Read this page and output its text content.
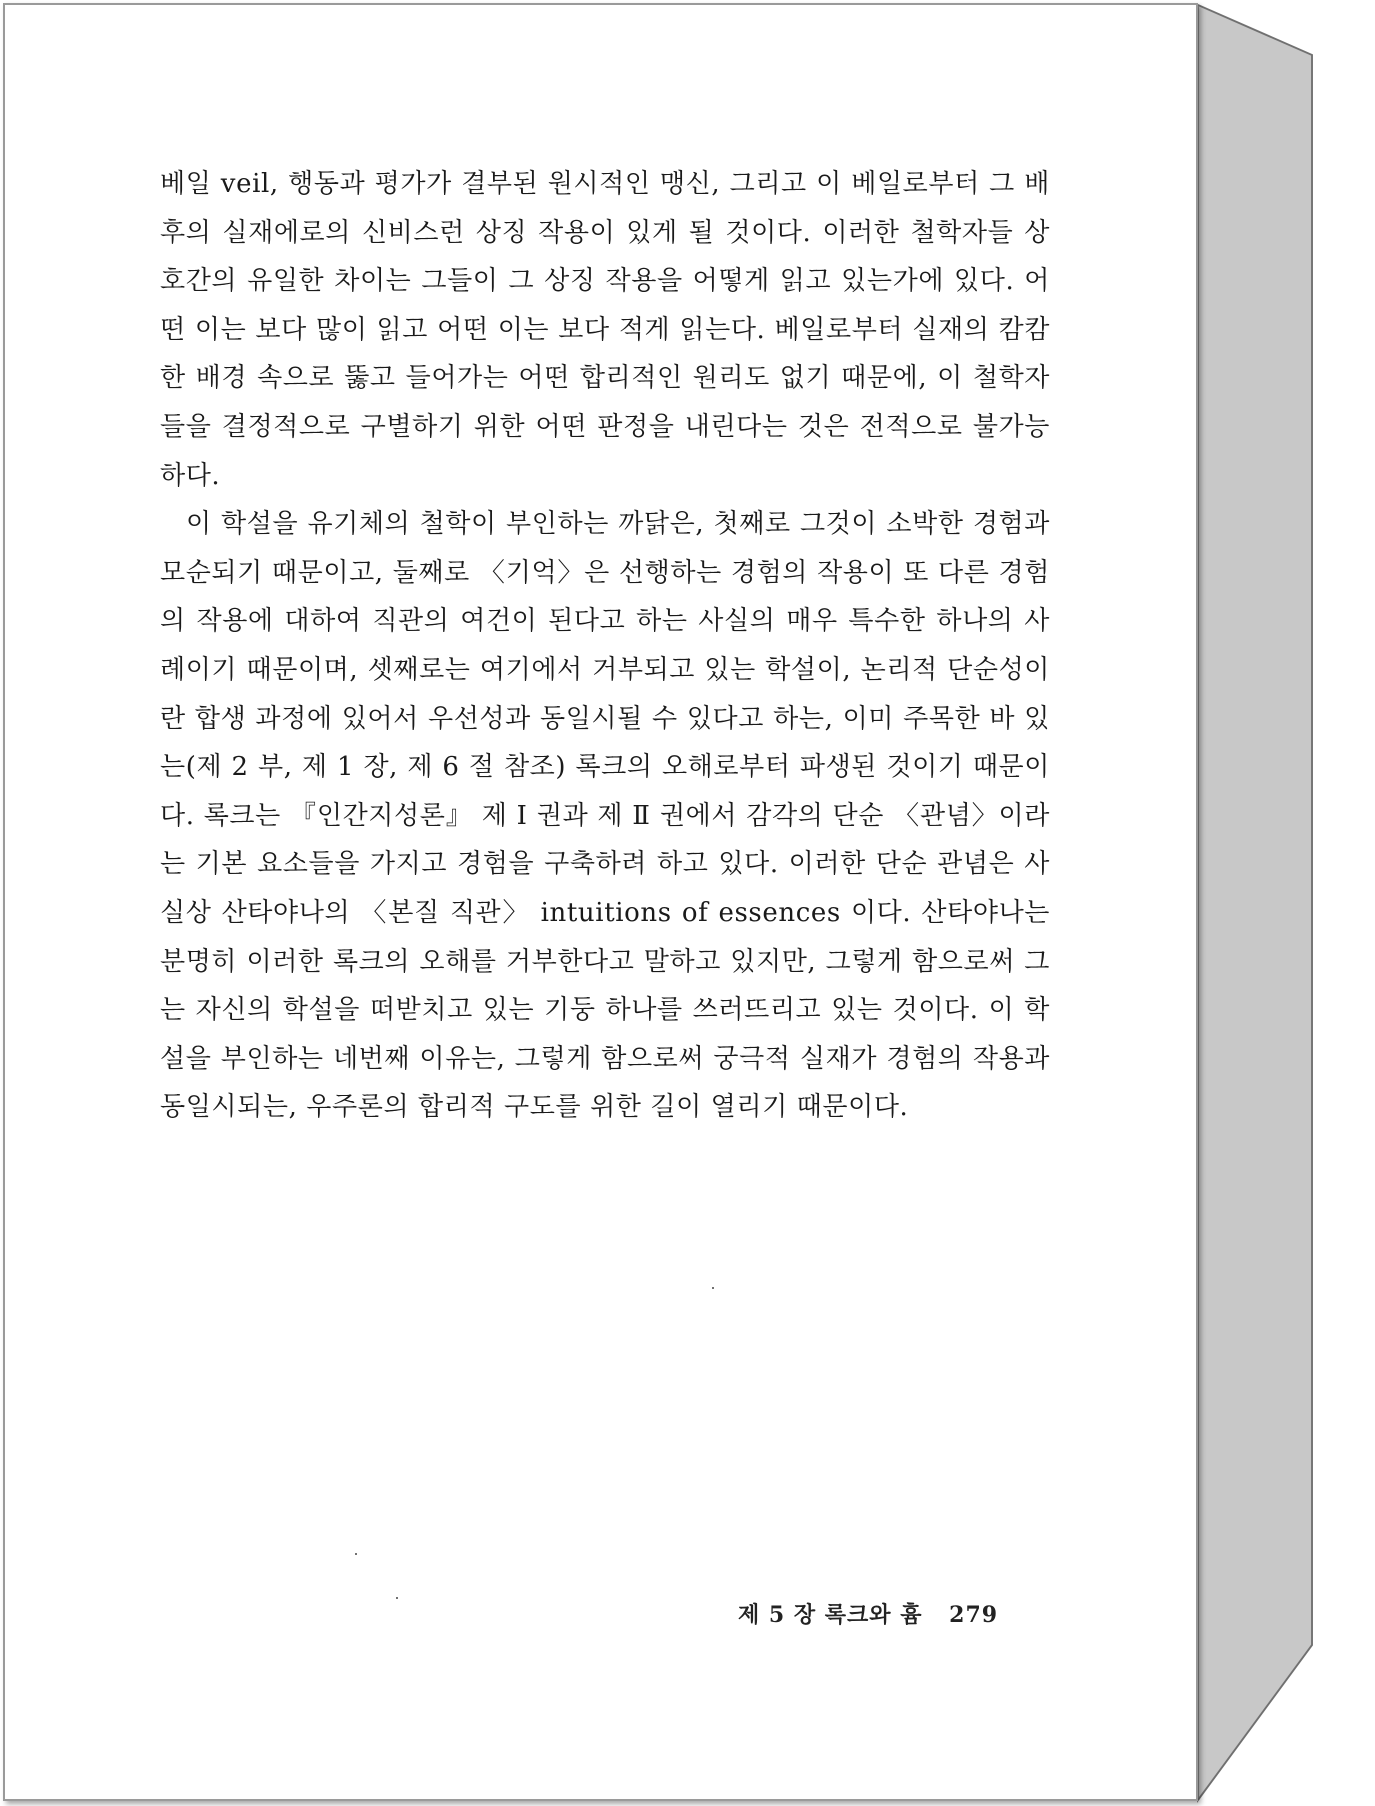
베일 veil, 행동과 평가가 결부된 원시적인 맹신, 그리고 이 베일로부터 그 배후의 실재에로의 신비스런 상징 작용이 있게 될 것이다. 이러한 철학자들 상호간의 유일한 차이는 그들이 그 상징 작용을 어떻게 읽고 있는가에 있다. 어떤 이는 보다 많이 읽고 어떤 이는 보다 적게 읽는다. 베일로부터 실재의 캄캄한 배경 속으로 뚫고 들어가는 어떤 합리적인 원리도 없기 때문에, 이 철학자들을 결정적으로 구별하기 위한 어떤 판정을 내린다는 것은 전적으로 불가능하다.

이 학설을 유기체의 철학이 부인하는 까닭은, 첫째로 그것이 소박한 경험과 모순되기 때문이고, 둘째로 〈기억〉은 선행하는 경험의 작용이 또 다른 경험의 작용에 대하여 직관의 여건이 된다고 하는 사실의 매우 특수한 하나의 사례이기 때문이며, 셋째로는 여기에서 거부되고 있는 학설이, 논리적 단순성이란 합생 과정에 있어서 우선성과 동일시될 수 있다고 하는, 이미 주목한 바 있는(제 2 부, 제 1 장, 제 6 절 참조) 록크의 오해로부터 파생된 것이기 때문이다. 록크는 『인간지성론』 제 Ⅰ 권과 제 Ⅱ 권에서 감각의 단순 〈관념〉이라는 기본 요소들을 가지고 경험을 구축하려 하고 있다. 이러한 단순 관념은 사실상 산타야나의 〈본질 직관〉 intuitions of essences 이다. 산타야나는 분명히 이러한 록크의 오해를 거부한다고 말하고 있지만, 그렇게 함으로써 그는 자신의 학설을 떠받치고 있는 기둥 하나를 쓰러뜨리고 있는 것이다. 이 학설을 부인하는 네번째 이유는, 그렇게 함으로써 궁극적 실재가 경험의 작용과 동일시되는, 우주론의 합리적 구도를 위한 길이 열리기 때문이다.

제 5 장 록크와 흄 279
